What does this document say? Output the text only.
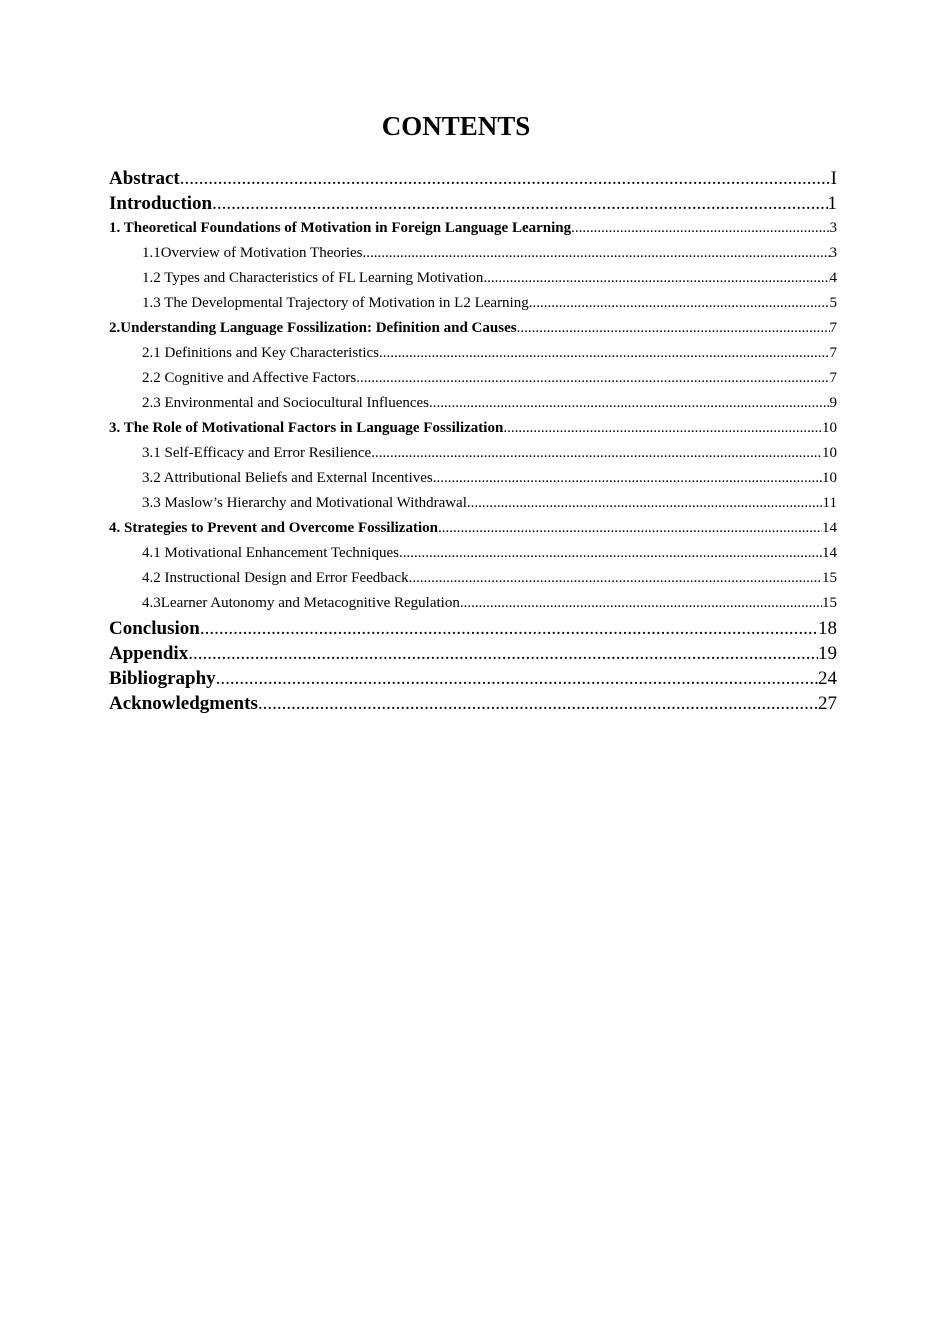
CONTENTS
Abstract .....	I
Introduction .....	1
1. Theoretical Foundations of Motivation in Foreign Language Learning .....	3
1.1Overview of Motivation Theories .....	3
1.2 Types and Characteristics of FL Learning Motivation .....	4
1.3 The Developmental Trajectory of Motivation in L2 Learning .....	5
2.Understanding Language Fossilization: Definition and Causes .....	7
2.1 Definitions and Key Characteristics .....	7
2.2 Cognitive and Affective Factors .....	7
2.3 Environmental and Sociocultural Influences .....	9
3. The Role of Motivational Factors in Language Fossilization .....	10
3.1 Self-Efficacy and Error Resilience .....	10
3.2 Attributional Beliefs and External Incentives .....	10
3.3 Maslow’s Hierarchy and Motivational Withdrawal .....	11
4. Strategies to Prevent and Overcome Fossilization .....	14
4.1 Motivational Enhancement Techniques .....	14
4.2 Instructional Design and Error Feedback .....	15
4.3Learner Autonomy and Metacognitive Regulation .....	15
Conclusion .....	18
Appendix .....	19
Bibliography .....	24
Acknowledgments .....	27
